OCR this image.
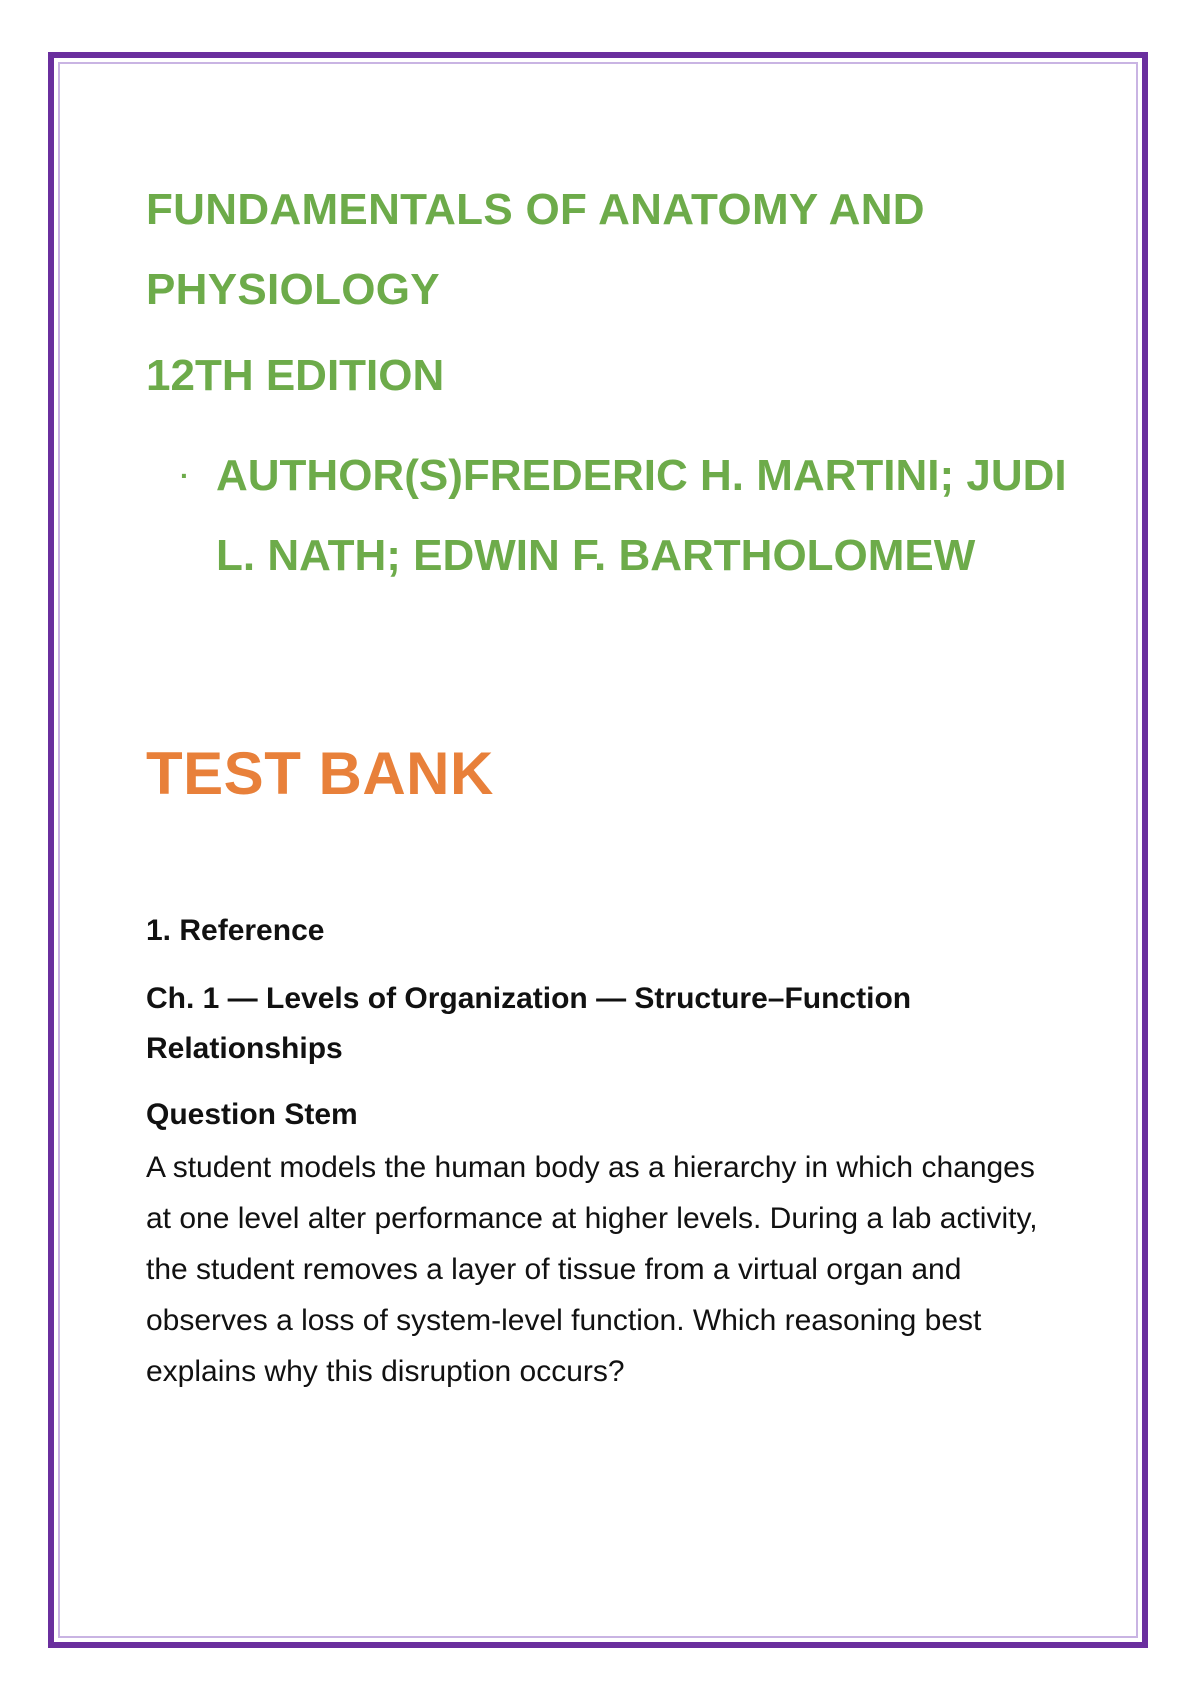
FUNDAMENTALS OF ANATOMY AND PHYSIOLOGY
12TH EDITION
· AUTHOR(S)FREDERIC H. MARTINI; JUDI L. NATH; EDWIN F. BARTHOLOMEW
TEST BANK
1. Reference
Ch. 1 — Levels of Organization — Structure–Function Relationships
Question Stem

A student models the human body as a hierarchy in which changes at one level alter performance at higher levels. During a lab activity, the student removes a layer of tissue from a virtual organ and observes a loss of system-level function. Which reasoning best explains why this disruption occurs?
